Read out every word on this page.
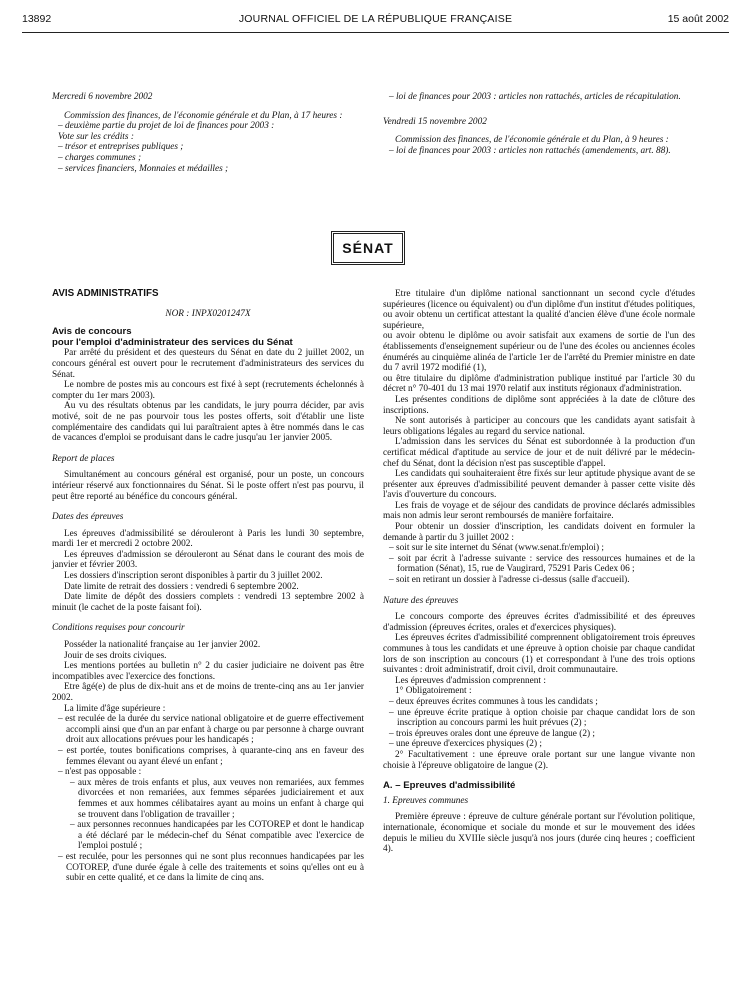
13892	JOURNAL OFFICIEL DE LA RÉPUBLIQUE FRANÇAISE	15 août 2002

Mercredi 6 novembre 2002

Commission des finances, de l'économie générale et du Plan, à 17 heures :

– deuxième partie du projet de loi de finances pour 2003 :

Vote sur les crédits :

– trésor et entreprises publiques ;

– charges communes ;

– services financiers, Monnaies et médailles ;

– loi de finances pour 2003 : articles non rattachés, articles de récapitulation.

Vendredi 15 novembre 2002

Commission des finances, de l'économie générale et du Plan, à 9 heures :

– loi de finances pour 2003 : articles non rattachés (amendements, art. 88).

SÉNAT

AVIS ADMINISTRATIFS

NOR : INPX0201247X

Avis de concours

pour l'emploi d'administrateur des services du Sénat

Par arrêté du président et des questeurs du Sénat en date du 2 juillet 2002, un concours général est ouvert pour le recrutement d'administrateurs des services du Sénat.

Le nombre de postes mis au concours est fixé à sept (recrutements échelonnés à compter du 1er mars 2003).

Au vu des résultats obtenus par les candidats, le jury pourra décider, par avis motivé, soit de ne pas pourvoir tous les postes offerts, soit d'établir une liste complémentaire des candidats qui lui paraîtraient aptes à être nommés dans le cas de vacances d'emploi se produisant dans le cadre jusqu'au 1er janvier 2005.

Report de places

Simultanément au concours général est organisé, pour un poste, un concours intérieur réservé aux fonctionnaires du Sénat. Si le poste offert n'est pas pourvu, il peut être reporté au bénéfice du concours général.

Dates des épreuves

Les épreuves d'admissibilité se dérouleront à Paris les lundi 30 septembre, mardi 1er et mercredi 2 octobre 2002.

Les épreuves d'admission se dérouleront au Sénat dans le courant des mois de janvier et février 2003.

Les dossiers d'inscription seront disponibles à partir du 3 juillet 2002.

Date limite de retrait des dossiers : vendredi 6 septembre 2002.

Date limite de dépôt des dossiers complets : vendredi 13 septembre 2002 à minuit (le cachet de la poste faisant foi).

Conditions requises pour concourir

Posséder la nationalité française au 1er janvier 2002.

Jouir de ses droits civiques.

Les mentions portées au bulletin n° 2 du casier judiciaire ne doivent pas être incompatibles avec l'exercice des fonctions.

Etre âgé(e) de plus de dix-huit ans et de moins de trente-cinq ans au 1er janvier 2002.

La limite d'âge supérieure :

– est reculée de la durée du service national obligatoire et de guerre effectivement accompli ainsi que d'un an par enfant à charge ou par personne à charge ouvrant droit aux allocations prévues pour les handicapés ;

– est portée, toutes bonifications comprises, à quarante-cinq ans en faveur des femmes élevant ou ayant élevé un enfant ;

– n'est pas opposable :

– aux mères de trois enfants et plus, aux veuves non remariées, aux femmes divorcées et non remariées, aux femmes séparées judiciairement et aux femmes et aux hommes célibataires ayant au moins un enfant à charge qui se trouvent dans l'obligation de travailler ;

– aux personnes reconnues handicapées par les COTOREP et dont le handicap a été déclaré par le médecin-chef du Sénat compatible avec l'exercice de l'emploi postulé ;

– est reculée, pour les personnes qui ne sont plus reconnues handicapées par les COTOREP, d'une durée égale à celle des traitements et soins qu'elles ont eu à subir en cette qualité, et ce dans la limite de cinq ans.

Etre titulaire d'un diplôme national sanctionnant un second cycle d'études supérieures (licence ou équivalent) ou d'un diplôme d'un institut d'études politiques,

ou avoir obtenu un certificat attestant la qualité d'ancien élève d'une école normale supérieure,

ou avoir obtenu le diplôme ou avoir satisfait aux examens de sortie de l'un des établissements d'enseignement supérieur ou de l'une des écoles ou anciennes écoles énumérés au cinquième alinéa de l'article 1er de l'arrêté du Premier ministre en date du 7 avril 1972 modifié (1),

ou être titulaire du diplôme d'administration publique institué par l'article 30 du décret n° 70-401 du 13 mai 1970 relatif aux instituts régionaux d'administration.

Les présentes conditions de diplôme sont appréciées à la date de clôture des inscriptions.

Ne sont autorisés à participer au concours que les candidats ayant satisfait à leurs obligations légales au regard du service national.

L'admission dans les services du Sénat est subordonnée à la production d'un certificat médical d'aptitude au service de jour et de nuit délivré par le médecin-chef du Sénat, dont la décision n'est pas susceptible d'appel.

Les candidats qui souhaiteraient être fixés sur leur aptitude physique avant de se présenter aux épreuves d'admissibilité peuvent demander à passer cette visite dès l'avis d'ouverture du concours.

Les frais de voyage et de séjour des candidats de province déclarés admissibles mais non admis leur seront remboursés de manière forfaitaire.

Pour obtenir un dossier d'inscription, les candidats doivent en formuler la demande à partir du 3 juillet 2002 :

– soit sur le site internet du Sénat (www.senat.fr/emploi) ;

– soit par écrit à l'adresse suivante : service des ressources humaines et de la formation (Sénat), 15, rue de Vaugirard, 75291 Paris Cedex 06 ;

– soit en retirant un dossier à l'adresse ci-dessus (salle d'accueil).

Nature des épreuves

Le concours comporte des épreuves écrites d'admissibilité et des épreuves d'admission (épreuves écrites, orales et d'exercices physiques).

Les épreuves écrites d'admissibilité comprennent obligatoirement trois épreuves communes à tous les candidats et une épreuve à option choisie par chaque candidat lors de son inscription au concours (1) et correspondant à l'une des trois options suivantes : droit administratif, droit civil, droit communautaire.

Les épreuves d'admission comprennent :

1° Obligatoirement :

– deux épreuves écrites communes à tous les candidats ;

– une épreuve écrite pratique à option choisie par chaque candidat lors de son inscription au concours parmi les huit prévues (2) ;

– trois épreuves orales dont une épreuve de langue (2) ;

– une épreuve d'exercices physiques (2) ;

2° Facultativement : une épreuve orale portant sur une langue vivante non choisie à l'épreuve obligatoire de langue (2).

A. – Epreuves d'admissibilité

1. Epreuves communes

Première épreuve : épreuve de culture générale portant sur l'évolution politique, internationale, économique et sociale du monde et sur le mouvement des idées depuis le milieu du XVIIIe siècle jusqu'à nos jours (durée cinq heures ; coefficient 4).
